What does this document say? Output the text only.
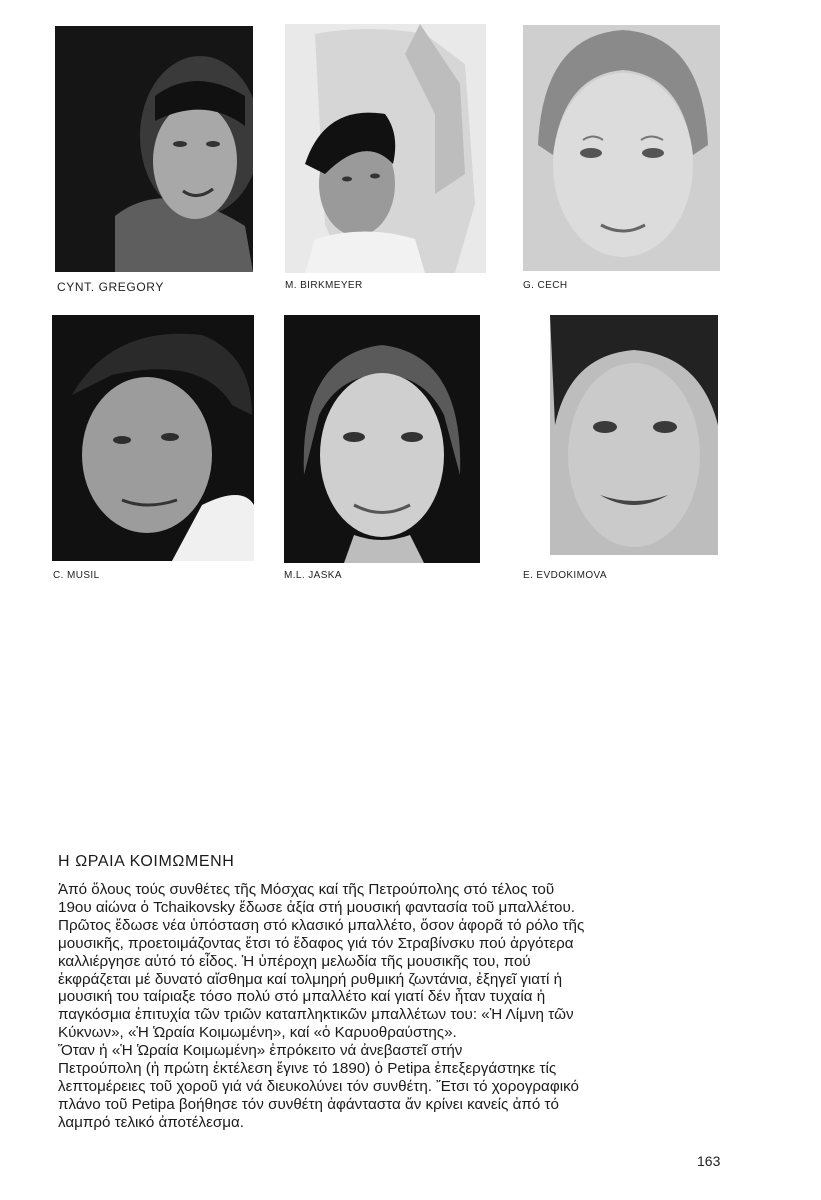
CYNT. GREGORY	M. BIRKMEYER	G. CECH
C. MUSIL	M.L. JASKA	E. EVDOKIMOVA
Η ΩΡΑΙΑ ΚΟΙΜΩΜΕΝΗ

Ἀπό ὅλους τούς συνθέτες τῆς Μόσχας καί τῆς Πετρούπολης στό τέλος τοῦ
19ου αἰώνα ὁ Tchaikovsky ἔδωσε ἀξία στή μουσική φαντασία τοῦ μπαλλέτου.
Πρῶτος ἔδωσε νέα ὑπόσταση στό κλασικό μπαλλέτο, ὅσον ἀφορᾶ τό ρόλο τῆς
μουσικῆς, προετοιμάζοντας ἔτσι τό ἔδαφος γιά τόν Στραβίνσκυ πού ἀργότερα
καλλιέργησε αὐτό τό εἶδος. Ἡ ὑπέροχη μελωδία τῆς μουσικῆς του, πού
ἐκφράζεται μέ δυνατό αἴσθημα καί τολμηρή ρυθμική ζωντάνια, ἐξηγεῖ γιατί ἡ
μουσική του ταίριαξε τόσο πολύ στό μπαλλέτο καί γιατί δέν ἦταν τυχαία ἡ
παγκόσμια ἐπιτυχία τῶν τριῶν καταπληκτικῶν μπαλλέτων του: «Ἡ Λίμνη τῶν
Κύκνων», «Ἡ Ὡραία Κοιμωμένη», καί «ὁ Καρυοθραύστης».
Ὅταν ἡ «Ἡ Ὡραία Κοιμωμένη» ἐπρόκειτο νά ἀνεβαστεῖ στήν
Πετρούπολη (ἡ πρώτη ἐκτέλεση ἔγινε τό 1890) ὁ Petipa ἐπεξεργάστηκε τίς
λεπτομέρειες τοῦ χοροῦ γιά νά διευκολύνει τόν συνθέτη. Ἔτσι τό χορογραφικό
πλάνο τοῦ Petipa βοήθησε τόν συνθέτη ἀφάνταστα ἄν κρίνει κανείς ἀπό τό
λαμπρό τελικό ἀποτέλεσμα.

163
